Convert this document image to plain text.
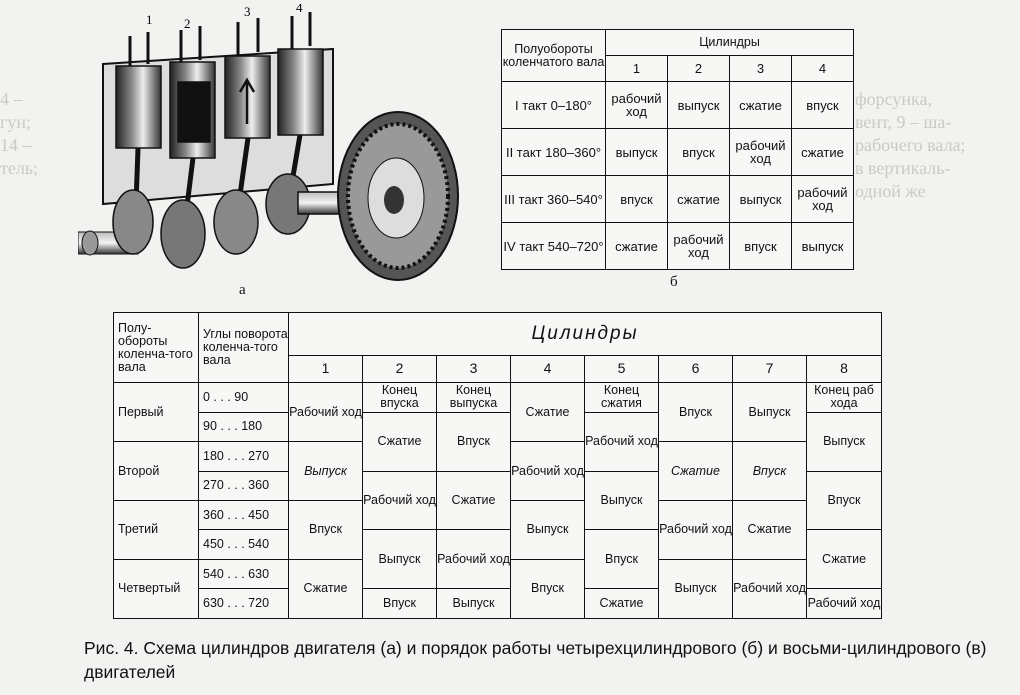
форсунка,
вент, 9 – ша-
рабочего вала;
в вертикаль-
одной же
4 –
гун;
14 –
тель;
1 2
3	4
а
Полуобороты коленчатого вала	Цилиндры			
	1	2	3	4
I такт 0–180°	рабочий ход	выпуск	сжатие	впуск
II такт 180–360°	выпуск	впуск	рабочий ход	сжатие
III такт 360–540°	впуск	сжатие	выпуск	рабочий ход
IV такт 540–720°	сжатие	рабочий ход	впуск	выпуск
б
Полу-обороты коленча-того вала	Углы поворота коленча-того вала	Цилиндры							
		1	2	3	4	5	6	7	8
Первый	0 . . . 90	Рабочий ход	Конец впуска	Конец выпуска	Сжатие	Конец сжатия	Впуск	Выпуск	Конец раб хода
	90 . . . 180		Сжатие	Впуск		Рабочий ход			Выпуск
Второй	180 . . . 270	Выпуск			Рабочий ход		Сжатие	Впуск	
	270 . . . 360		Рабочий ход	Сжатие		Выпуск			Впуск
Третий	360 . . . 450	Впуск			Выпуск		Рабочий ход	Сжатие	
	450 . . . 540		Выпуск	Рабочий ход		Впуск			Сжатие
Четвертый	540 . . . 630	Сжатие			Впуск		Выпуск	Рабочий ход	
	630 . . . 720		Впуск	Выпуск		Сжатие			Рабочий ход
Рис. 4. Схема цилиндров двигателя (а) и порядок работы четырехцилиндрового (б) и восьми-цилиндрового (в) двигателей
